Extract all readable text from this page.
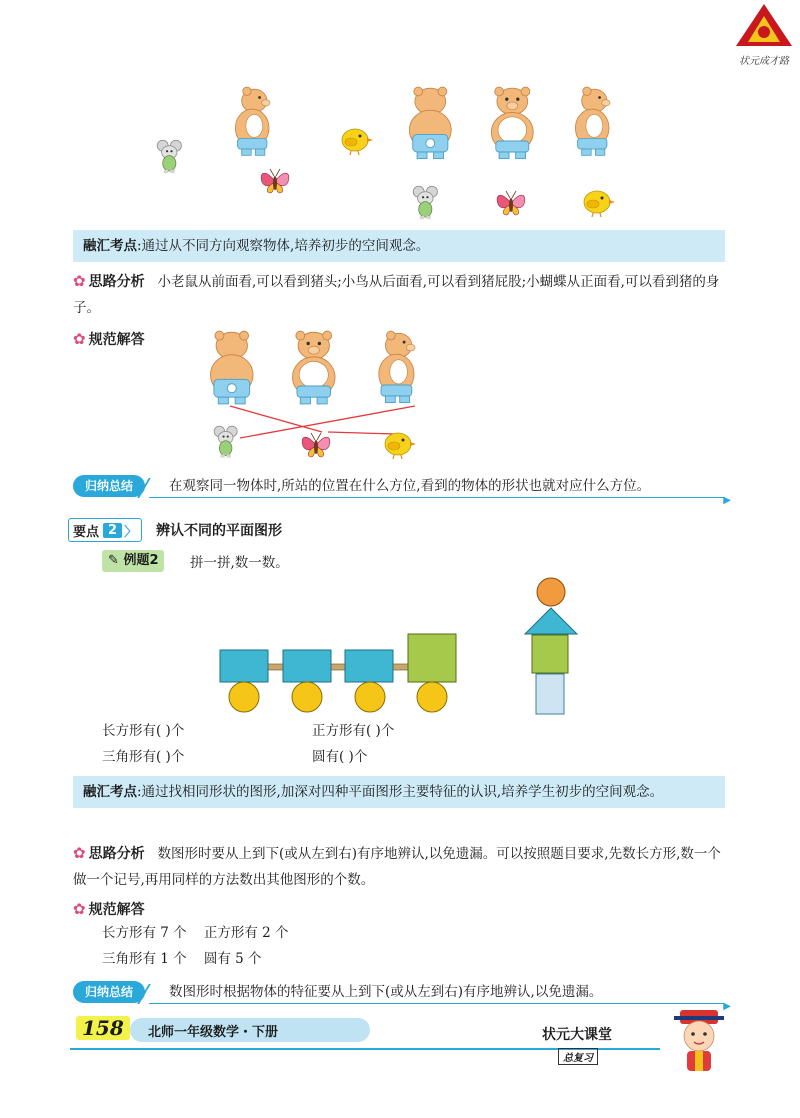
状元成才路
融汇考点:通过从不同方向观察物体,培养初步的空间观念。
✿ 思路分析 小老鼠从前面看,可以看到猪头;小鸟从后面看,可以看到猪屁股;小蝴蝶从正面看,可以看到猪的身子。
✿ 规范解答
归纳总结
▶
在观察同一物体时,所站的位置在什么方位,看到的物体的形状也就对应什么方位。
要点 2 〉 辨认不同的平面图形
✎ 例题2	拼一拼,数一数。
长方形有( )个	正方形有( )个
三角形有( )个	圆有( )个
融汇考点:通过找相同形状的图形,加深对四种平面图形主要特征的认识,培养学生初步的空间观念。
✿ 思路分析 数图形时要从上到下(或从左到右)有序地辨认,以免遗漏。可以按照题目要求,先数长方形,数一个做一个记号,再用同样的方法数出其他图形的个数。
✿ 规范解答
长方形有 7 个    正方形有 2 个
三角形有 1 个    圆有 5 个
归纳总结
▶
数图形时根据物体的特征要从上到下(或从左到右)有序地辨认,以免遗漏。
158	北师一年级数学・下册	状元大课堂
总复习
